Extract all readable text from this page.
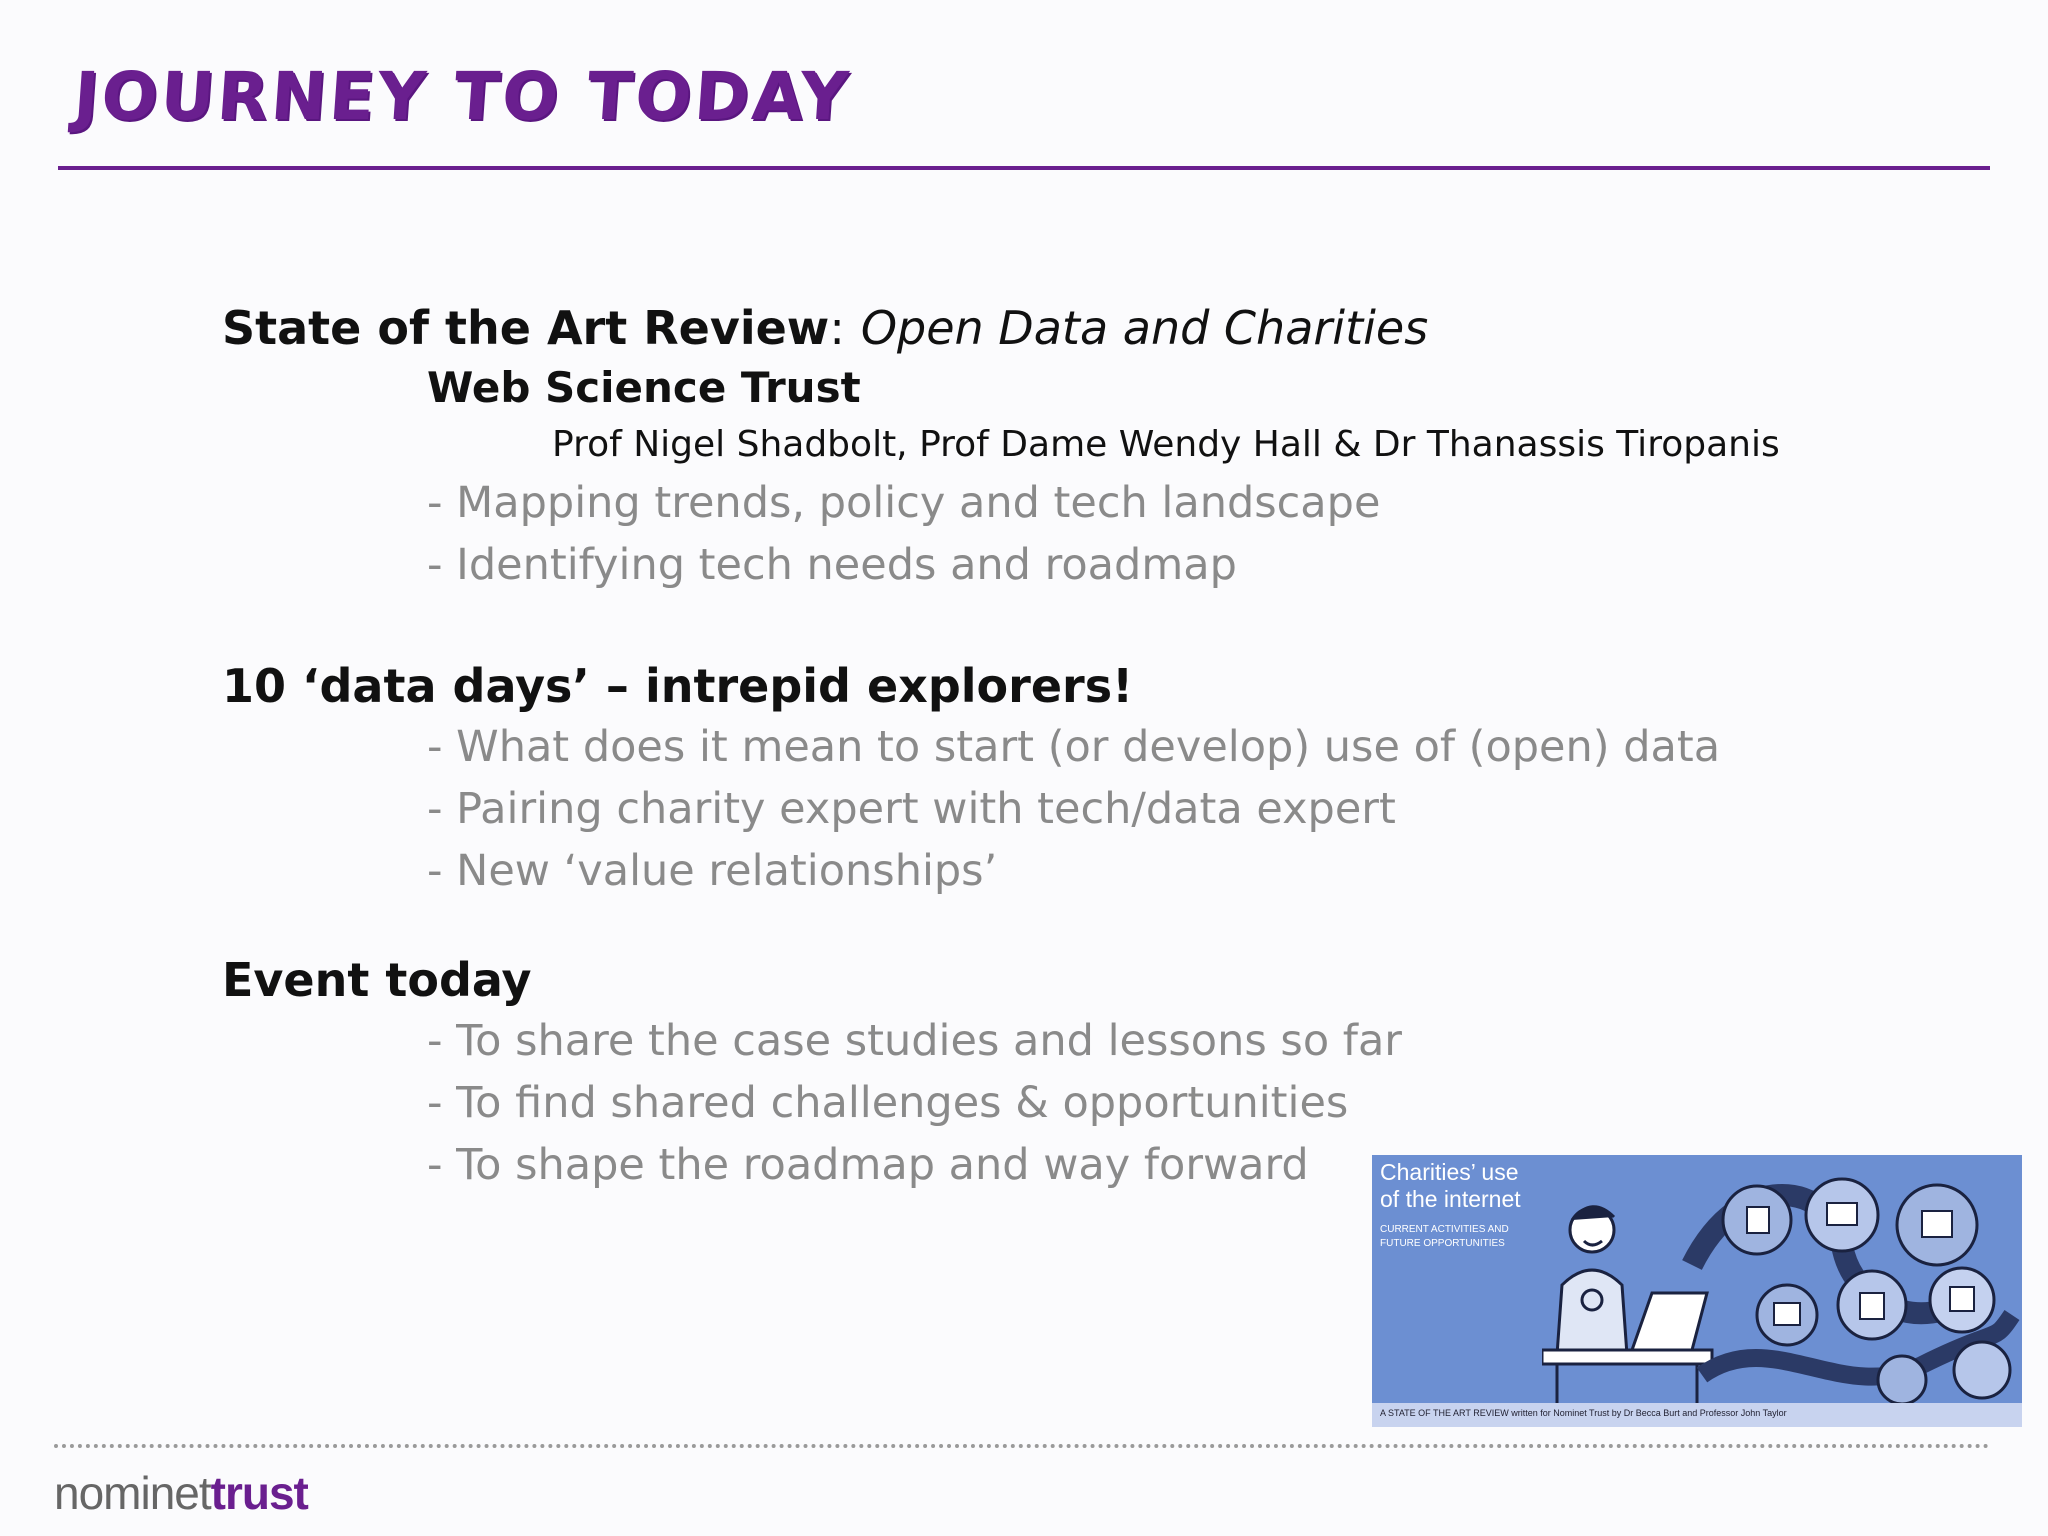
JOURNEY TO TODAY
State of the Art Review: Open Data and Charities
Web Science Trust
Prof Nigel Shadbolt, Prof Dame Wendy Hall & Dr Thanassis Tiropanis
- Mapping trends, policy and tech landscape
- Identifying tech needs and roadmap
10 ‘data days’ – intrepid explorers!
- What does it mean to start (or develop) use of (open) data
- Pairing charity expert with tech/data expert
- New ‘value relationships’
Event today
- To share the case studies and lessons so far
- To find shared challenges & opportunities
- To shape the roadmap and way forward	Charities’ use
of the internet
CURRENT ACTIVITIES AND
FUTURE OPPORTUNITIES
A STATE OF THE ART REVIEW written for Nominet Trust by Dr Becca Burt and Professor John Taylor
nominettrust
